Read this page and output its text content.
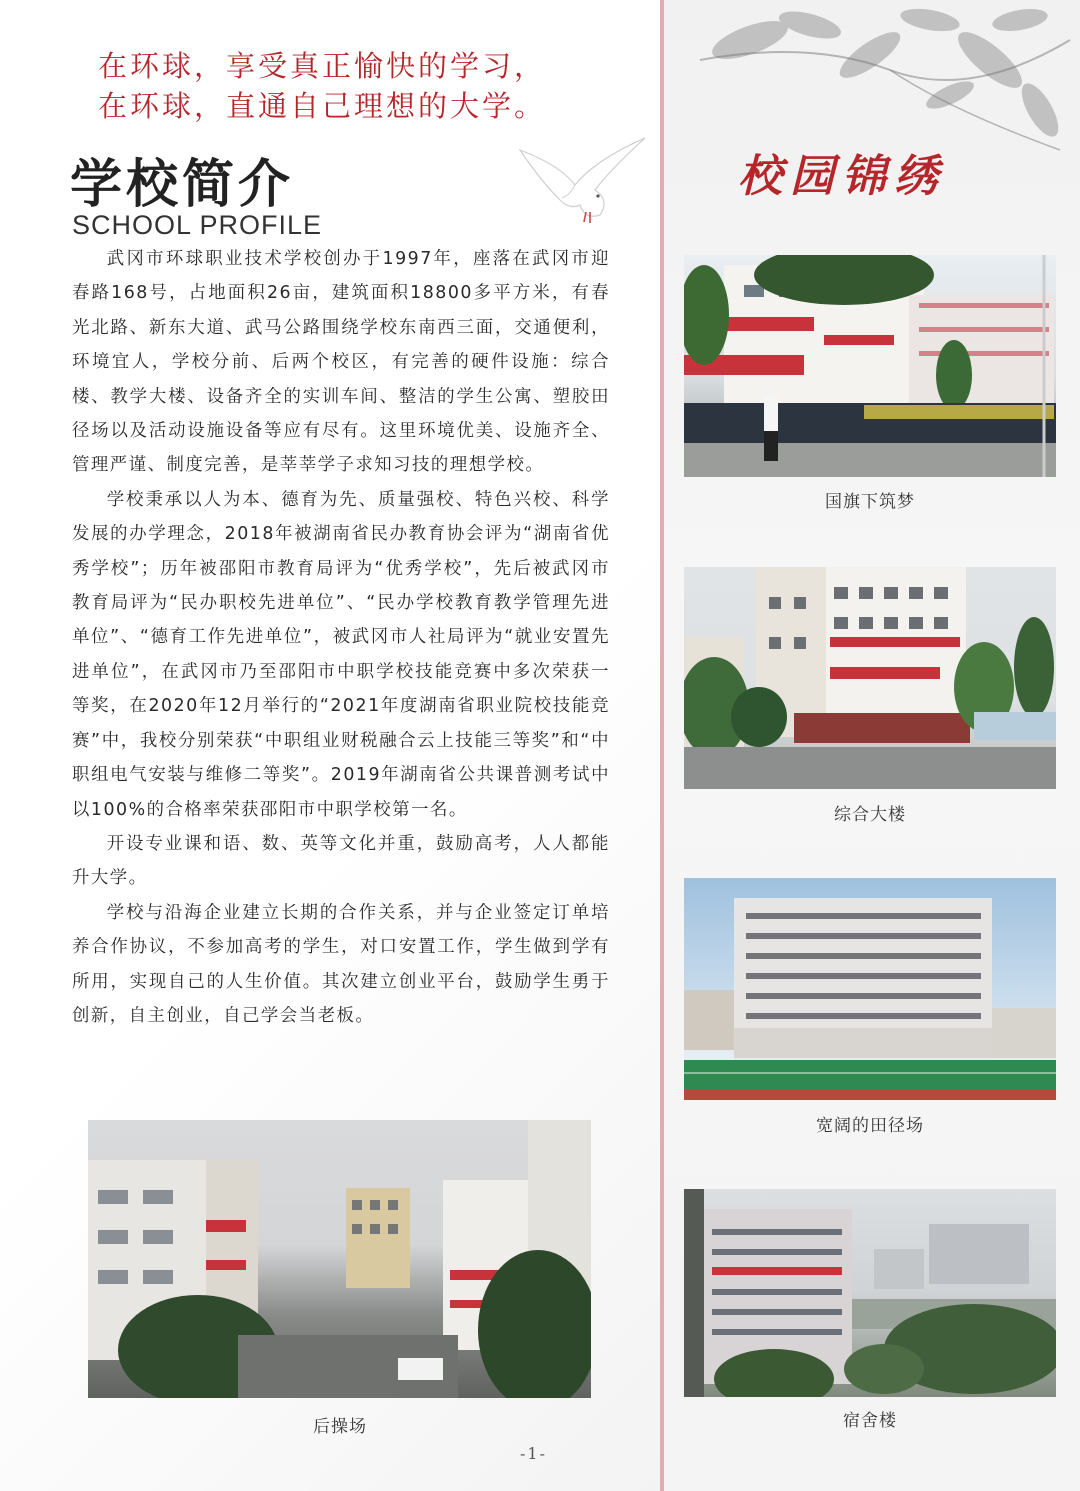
在环球，享受真正愉快的学习，
在环球，直通自己理想的大学。
学校简介
SCHOOL PROFILE

武冈市环球职业技术学校创办于1997年，座落在武冈市迎春路168号，占地面积26亩，建筑面积18800多平方米，有春光北路、新东大道、武马公路围绕学校东南西三面，交通便利，环境宜人，学校分前、后两个校区，有完善的硬件设施：综合楼、教学大楼、设备齐全的实训车间、整洁的学生公寓、塑胶田径场以及活动设施设备等应有尽有。这里环境优美、设施齐全、管理严谨、制度完善，是莘莘学子求知习技的理想学校。

学校秉承以人为本、德育为先、质量强校、特色兴校、科学发展的办学理念，2018年被湖南省民办教育协会评为“湖南省优秀学校”；历年被邵阳市教育局评为“优秀学校”，先后被武冈市教育局评为“民办职校先进单位”、“民办学校教育教学管理先进单位”、“德育工作先进单位”，被武冈市人社局评为“就业安置先进单位”，在武冈市乃至邵阳市中职学校技能竞赛中多次荣获一等奖，在2020年12月举行的“2021年度湖南省职业院校技能竞赛”中，我校分别荣获“中职组业财税融合云上技能三等奖”和“中职组电气安装与维修二等奖”。2019年湖南省公共课普测考试中以100%的合格率荣获邵阳市中职学校第一名。

开设专业课和语、数、英等文化并重，鼓励高考，人人都能升大学。

学校与沿海企业建立长期的合作关系，并与企业签定订单培养合作协议，不参加高考的学生，对口安置工作，学生做到学有所用，实现自己的人生价值。其次建立创业平台，鼓励学生勇于创新，自主创业，自己学会当老板。

后操场
-1-
校园锦绣
国旗下筑梦
综合大楼
宽阔的田径场
宿舍楼
